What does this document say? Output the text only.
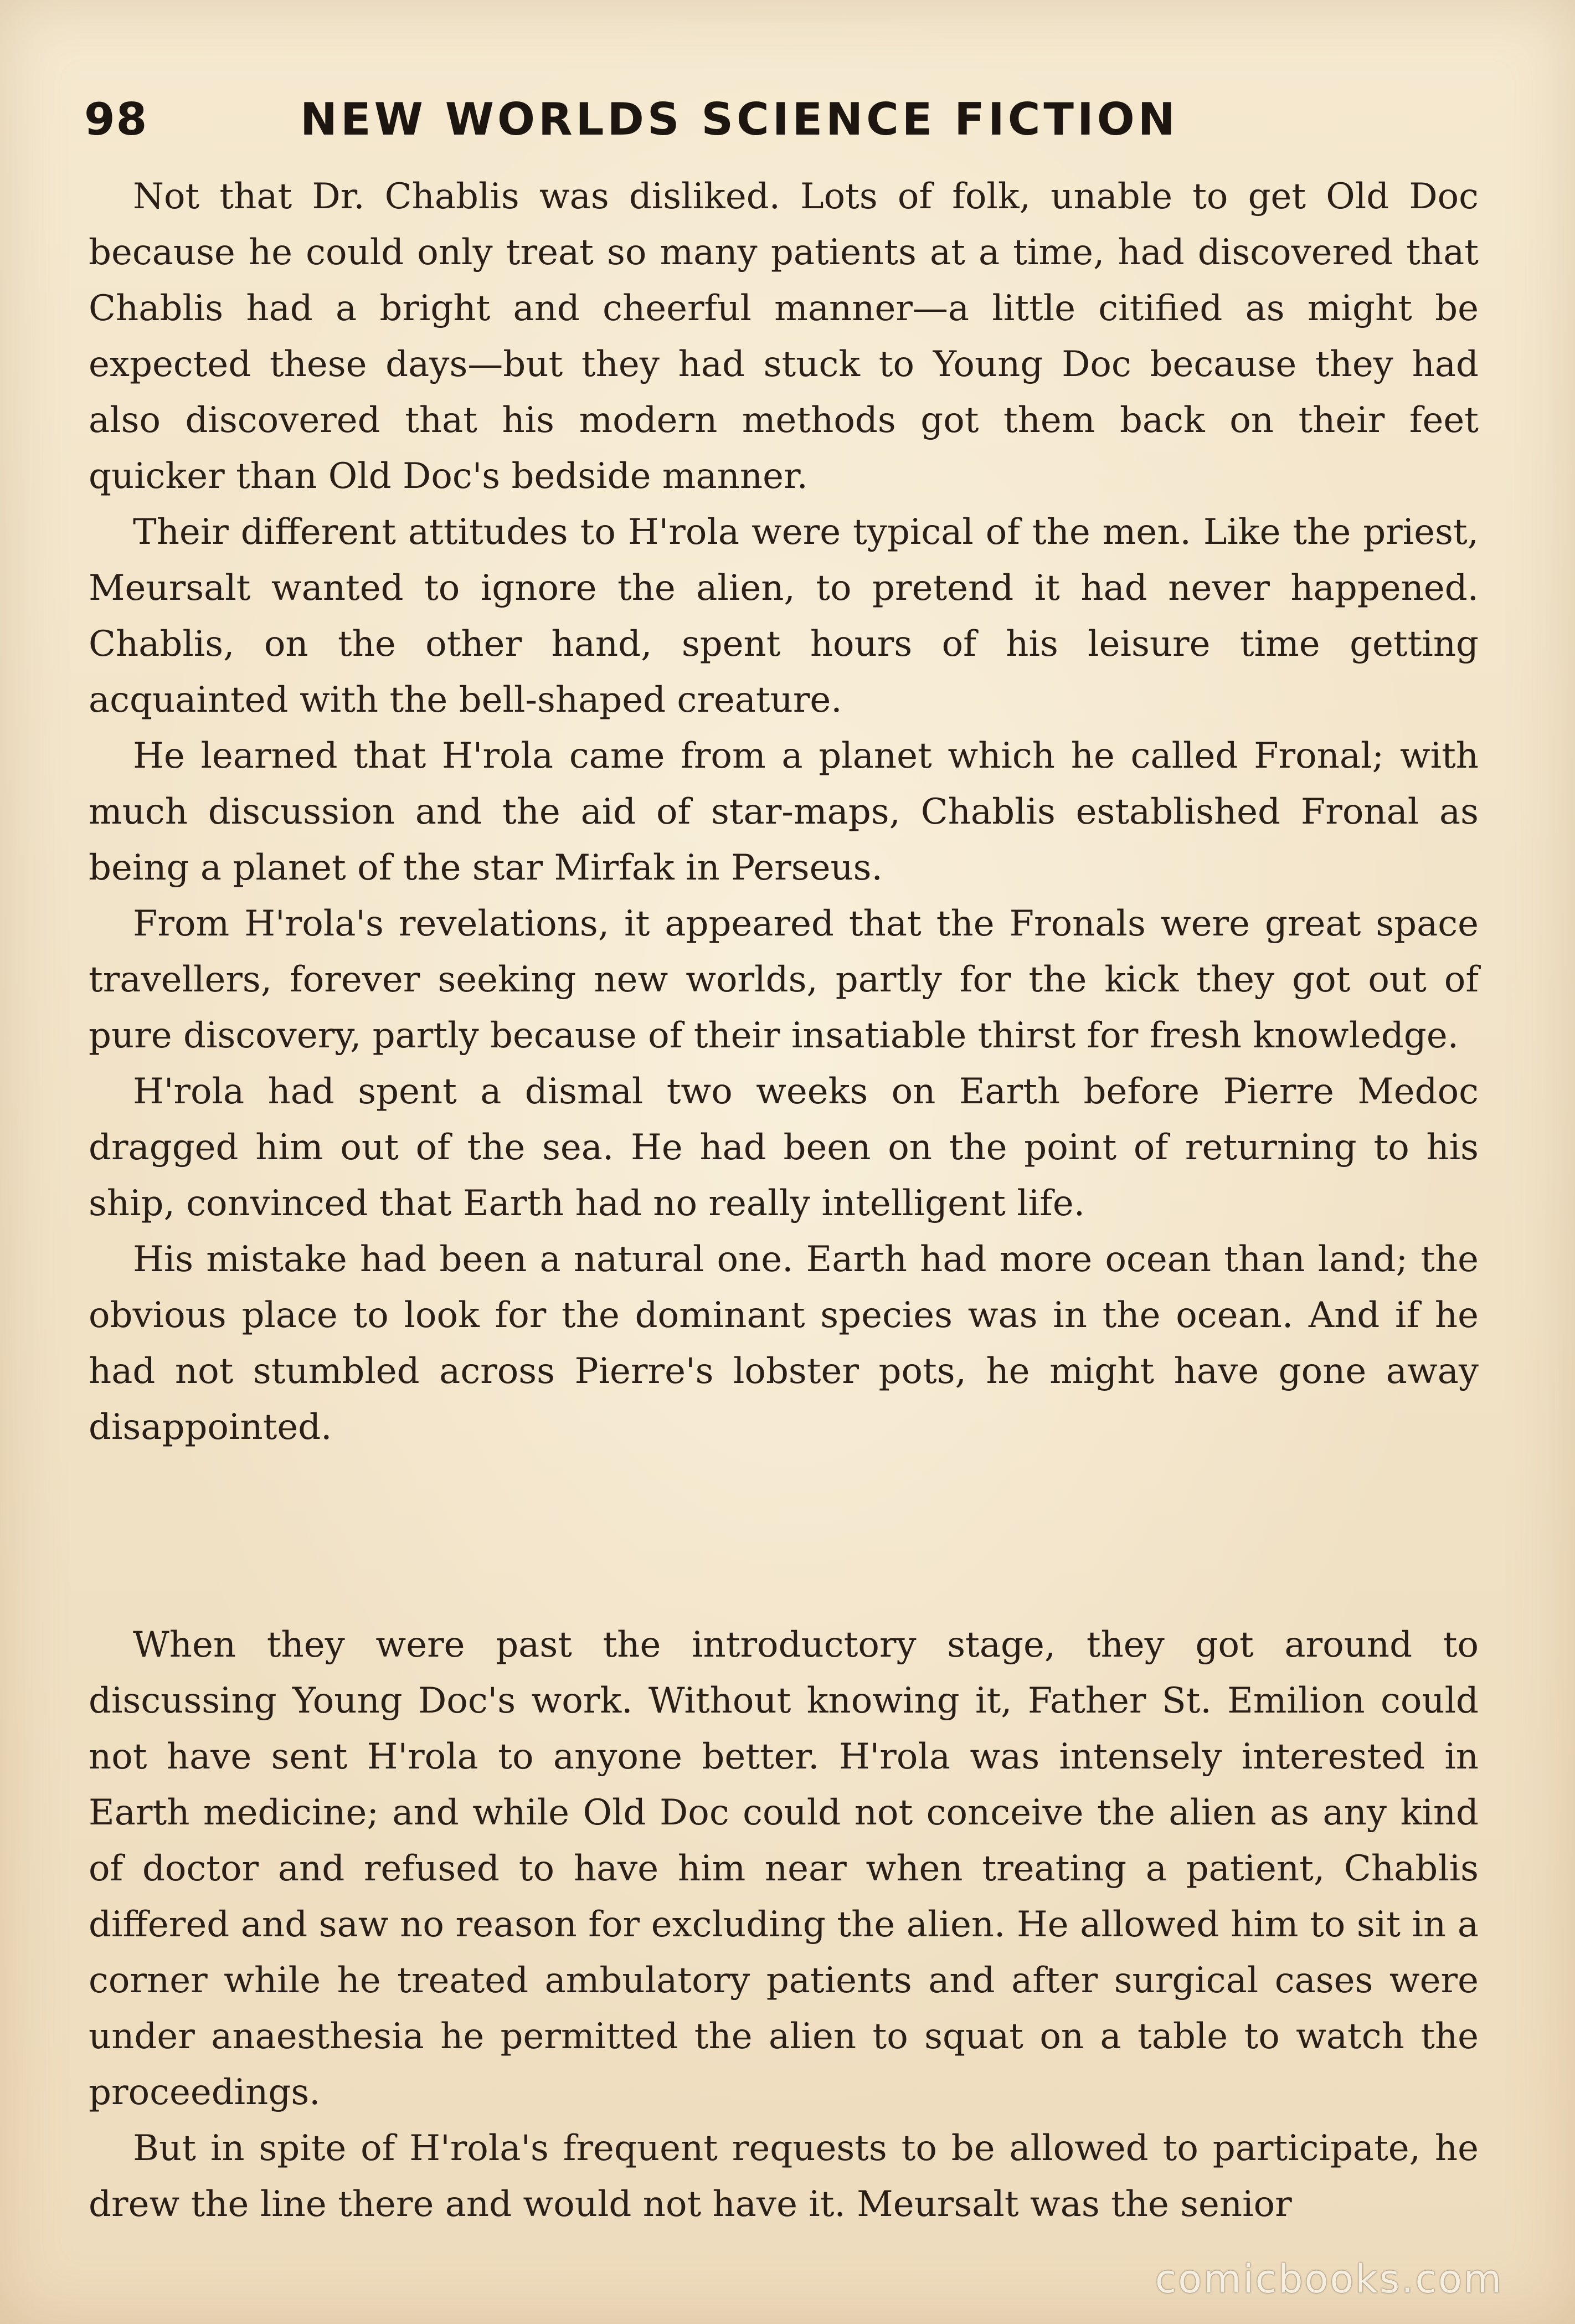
98	NEW WORLDS SCIENCE FICTION

Not that Dr. Chablis was disliked. Lots of folk, unable to get Old Doc because he could only treat so many patients at a time, had discovered that Chablis had a bright and cheerful manner—a little citified as might be expected these days—but they had stuck to Young Doc because they had also discovered that his modern methods got them back on their feet quicker than Old Doc's bedside manner.

Their different attitudes to H'rola were typical of the men. Like the priest, Meursalt wanted to ignore the alien, to pretend it had never happened. Chablis, on the other hand, spent hours of his leisure time getting acquainted with the bell-shaped creature.

He learned that H'rola came from a planet which he called Fronal; with much discussion and the aid of star-maps, Chablis established Fronal as being a planet of the star Mirfak in Perseus.

From H'rola's revelations, it appeared that the Fronals were great space travellers, forever seeking new worlds, partly for the kick they got out of pure discovery, partly because of their insatiable thirst for fresh knowledge.

H'rola had spent a dismal two weeks on Earth before Pierre Medoc dragged him out of the sea. He had been on the point of returning to his ship, convinced that Earth had no really intelligent life.

His mistake had been a natural one. Earth had more ocean than land; the obvious place to look for the dominant species was in the ocean. And if he had not stumbled across Pierre's lobster pots, he might have gone away disappointed.

When they were past the introductory stage, they got around to discussing Young Doc's work. Without knowing it, Father St. Emilion could not have sent H'rola to anyone better. H'rola was intensely interested in Earth medicine; and while Old Doc could not conceive the alien as any kind of doctor and refused to have him near when treating a patient, Chablis differed and saw no reason for excluding the alien. He allowed him to sit in a corner while he treated ambulatory patients and after surgical cases were under anaesthesia he permitted the alien to squat on a table to watch the proceedings.

But in spite of H'rola's frequent requests to be allowed to participate, he drew the line there and would not have it. Meursalt was the senior

comicbooks.com
